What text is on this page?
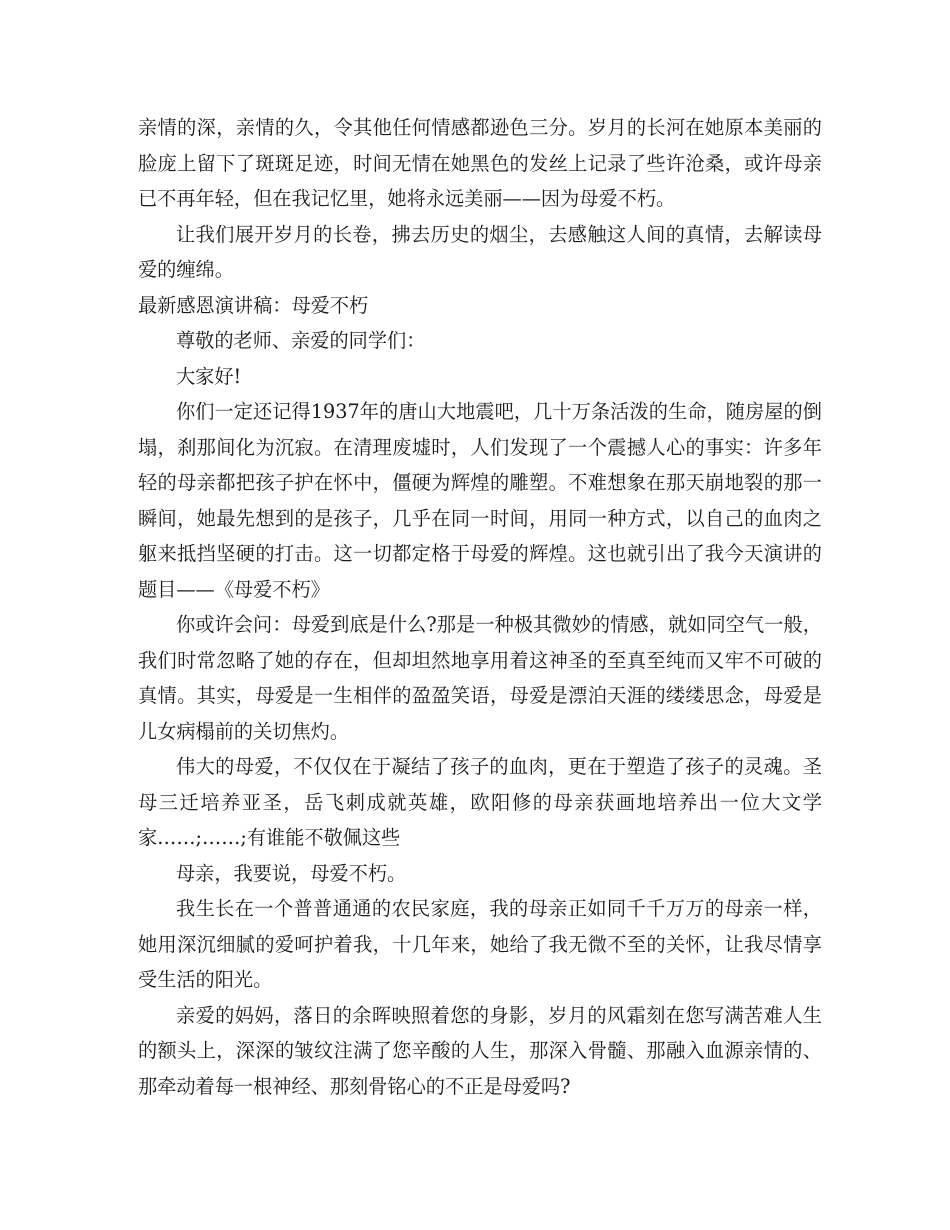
亲情的深，亲情的久，令其他任何情感都逊色三分。岁月的长河在她原本美丽的脸庞上留下了斑斑足迹，时间无情在她黑色的发丝上记录了些许沧桑，或许母亲已不再年轻，但在我记忆里，她将永远美丽——因为母爱不朽。

让我们展开岁月的长卷，拂去历史的烟尘，去感触这人间的真情，去解读母爱的缠绵。

最新感恩演讲稿：母爱不朽

尊敬的老师、亲爱的同学们：

大家好!

你们一定还记得1937年的唐山大地震吧，几十万条活泼的生命，随房屋的倒塌，刹那间化为沉寂。在清理废墟时，人们发现了一个震撼人心的事实：许多年轻的母亲都把孩子护在怀中，僵硬为辉煌的雕塑。不难想象在那天崩地裂的那一瞬间，她最先想到的是孩子，几乎在同一时间，用同一种方式，以自己的血肉之躯来抵挡坚硬的打击。这一切都定格于母爱的辉煌。这也就引出了我今天演讲的题目——《母爱不朽》

你或许会问：母爱到底是什么?那是一种极其微妙的情感，就如同空气一般，我们时常忽略了她的存在，但却坦然地享用着这神圣的至真至纯而又牢不可破的真情。其实，母爱是一生相伴的盈盈笑语，母爱是漂泊天涯的缕缕思念，母爱是儿女病榻前的关切焦灼。

伟大的母爱，不仅仅在于凝结了孩子的血肉，更在于塑造了孩子的灵魂。圣母三迁培养亚圣，岳飞刺成就英雄，欧阳修的母亲获画地培养出一位大文学家……;……;有谁能不敬佩这些

母亲，我要说，母爱不朽。

我生长在一个普普通通的农民家庭，我的母亲正如同千千万万的母亲一样，她用深沉细腻的爱呵护着我，十几年来，她给了我无微不至的关怀，让我尽情享受生活的阳光。

亲爱的妈妈，落日的余晖映照着您的身影，岁月的风霜刻在您写满苦难人生的额头上，深深的皱纹注满了您辛酸的人生，那深入骨髓、那融入血源亲情的、那牵动着每一根神经、那刻骨铭心的不正是母爱吗?
